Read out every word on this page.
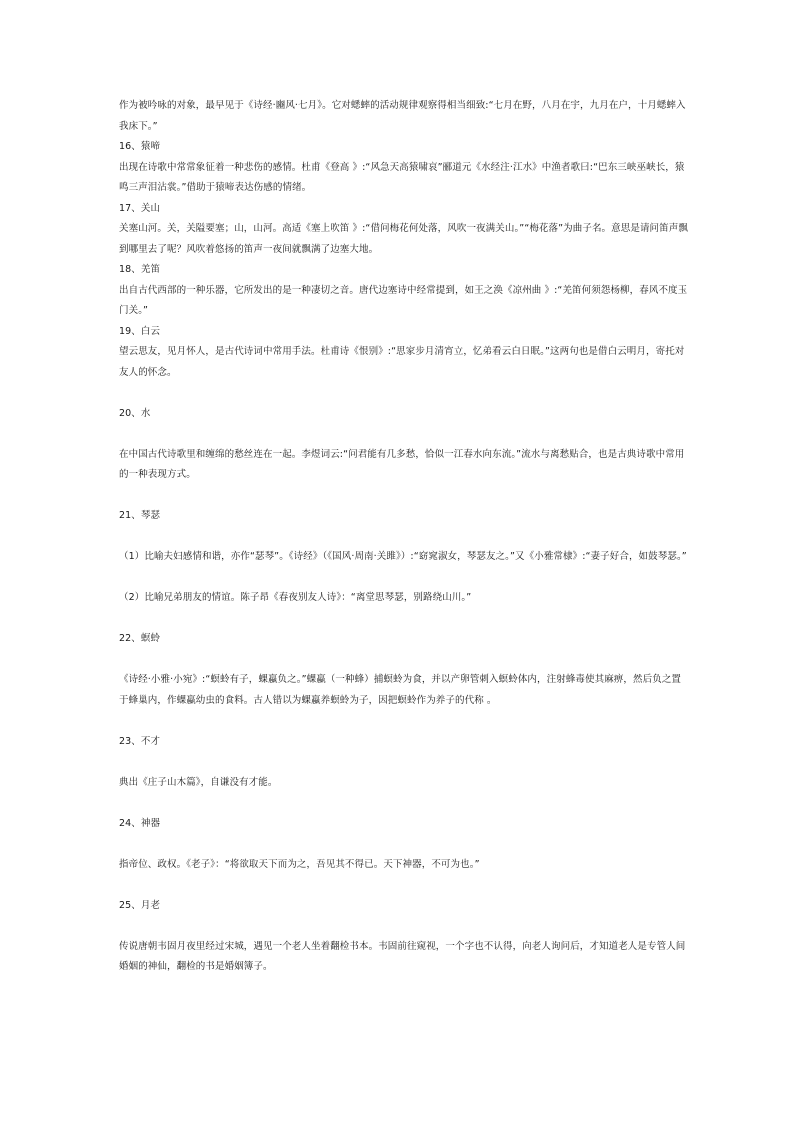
作为被吟咏的对象，最早见于《诗经·豳风·七月》。它对蟋蟀的活动规律观察得相当细致:“七月在野，八月在宇，九月在户，十月蟋蟀入我床下。”
16、猿啼
出现在诗歌中常常象征着一种悲伤的感情。杜甫《登高 》:“风急天高猿啸哀”郦道元《水经注·江水》中渔者歌曰:“巴东三峡巫峡长，猿鸣三声泪沾裳。”借助于猿啼表达伤感的情绪。
17、关山
关塞山河。关，关隘要塞；山，山河。高适《塞上吹笛 》:“借问梅花何处落，风吹一夜满关山。”“梅花落”为曲子名。意思是请问笛声飘到哪里去了呢？风吹着悠扬的笛声一夜间就飘满了边塞大地。
18、羌笛
出自古代西部的一种乐器，它所发出的是一种凄切之音。唐代边塞诗中经常提到，如王之涣《凉州曲 》:“羌笛何须怨杨柳，春风不度玉门关。”
19、白云
望云思友，见月怀人，是古代诗词中常用手法。杜甫诗《恨别》:“思家步月清宵立，忆弟看云白日眠。”这两句也是借白云明月，寄托对友人的怀念。
20、水
在中国古代诗歌里和缠绵的愁丝连在一起。李煜词云:“问君能有几多愁，恰似一江春水向东流。”流水与离愁贴合，也是古典诗歌中常用的一种表现方式。
21、琴瑟
（1）比喻夫妇感情和谐，亦作“瑟琴”。《诗经》（《国风·周南·关雎》）:“窈窕淑女，琴瑟友之。”又《小雅常棣》:“妻子好合，如鼓琴瑟。”
（2）比喻兄弟朋友的情谊。陈子昂《春夜别友人诗》：“离堂思琴瑟，别路绕山川。”
22、螟蛉
《诗经·小雅·小宛》:“螟蛉有子，蜾蠃负之。”蜾蠃（一种蜂）捕螟蛉为食，并以产卵管刺入螟蛉体内，注射蜂毒使其麻痹，然后负之置于蜂巢内，作蜾蠃幼虫的食料。古人错以为蜾蠃养螟蛉为子，因把螟蛉作为养子的代称 。
23、不才
典出《庄子山木篇》，自谦没有才能。
24、神器
指帝位、政权。《老子》：“将欲取天下而为之，吾见其不得已。天下神器，不可为也。”
25、月老
传说唐朝韦固月夜里经过宋城，遇见一个老人坐着翻检书本。韦固前往窥视，一个字也不认得，向老人询问后，才知道老人是专管人间婚姻的神仙，翻检的书是婚姻簿子。
